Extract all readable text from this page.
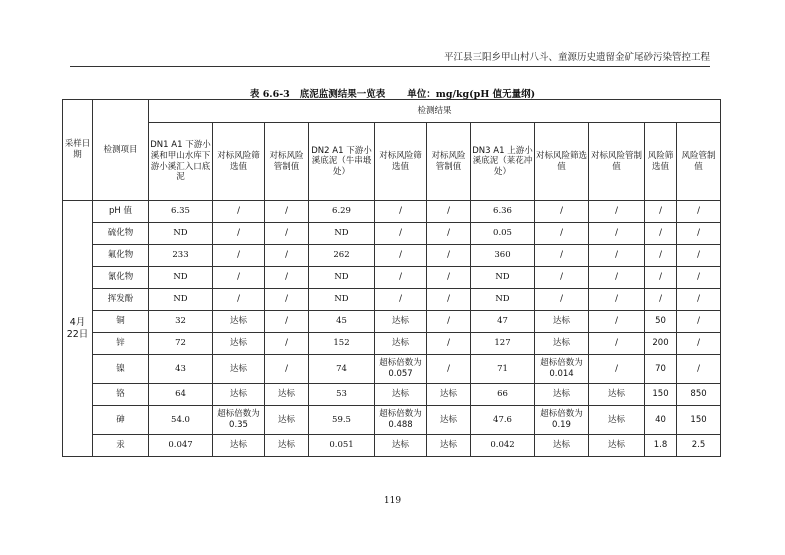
平江县三阳乡甲山村八斗、童源历史遗留金矿尾砂污染管控工程
表 6.6-3 底泥监测结果一览表 单位：mg/kg(pH 值无量纲)
采样日期	检测项目	检测结果										
		DN1 A1 下游小溪和甲山水库下游小溪汇入口底泥	对标风险筛选值	对标风险管制值	DN2 A1 下游小溪底泥（牛串塅处）	对标风险筛选值	对标风险管制值	DN3 A1 上游小溪底泥（莱花冲处）	对标风险筛选值	对标风险管制值	风险筛选值	风险管制值
4月22日	pH 值	6.35	/	/	6.29	/	/	6.36	/	/	/	/
	硫化物	ND	/	/	ND	/	/	0.05	/	/	/	/
	氟化物	233	/	/	262	/	/	360	/	/	/	/
	氰化物	ND	/	/	ND	/	/	ND	/	/	/	/
	挥发酚	ND	/	/	ND	/	/	ND	/	/	/	/
	铜	32	达标	/	45	达标	/	47	达标	/	50	/
	锌	72	达标	/	152	达标	/	127	达标	/	200	/
	镍	43	达标	/	74	超标倍数为 0.057	/	71	超标倍数为 0.014	/	70	/
	铬	64	达标	达标	53	达标	达标	66	达标	达标	150	850
	砷	54.0	超标倍数为 0.35	达标	59.5	超标倍数为 0.488	达标	47.6	超标倍数为 0.19	达标	40	150
	汞	0.047	达标	达标	0.051	达标	达标	0.042	达标	达标	1.8	2.5
119
